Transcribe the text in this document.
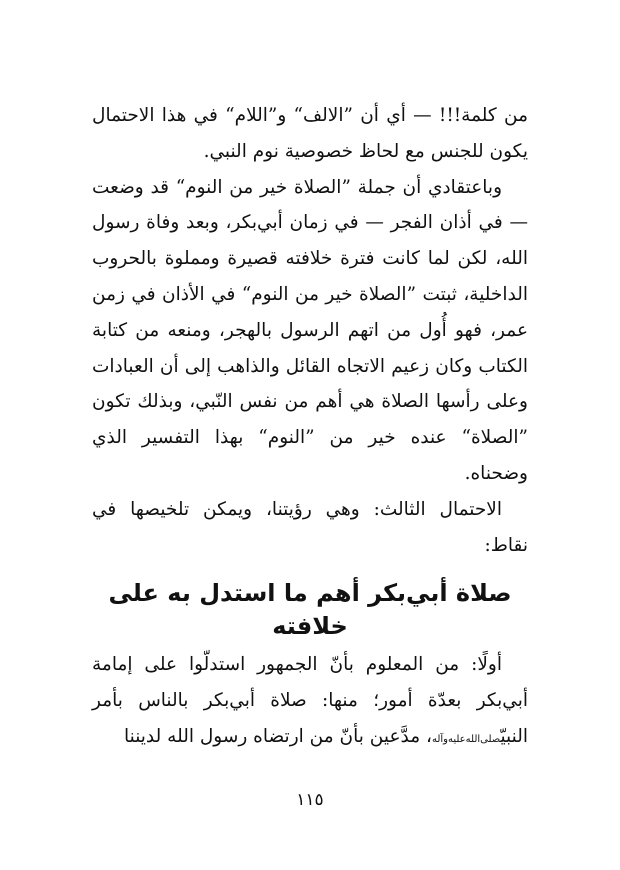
من كلمة!!! — أي أن ”الالف“ و”اللام“ في هذا الاحتمال يكون للجنس مع لحاظ خصوصية نوم النبي.

وباعتقادي أن جملة ”الصلاة خير من النوم“ قد وضعت — في أذان الفجر — في زمان أبي‌بكر، وبعد وفاة رسول الله، لكن لما كانت فترة خلافته قصيرة ومملوة بالحروب الداخلية، ثبتت ”الصلاة خير من النوم“ في الأذان في زمن عمر، فهو أُول من اتهم الرسول بالهجر، ومنعه من كتابة الكتاب وكان زعيم الاتجاه القائل والذاهب إلى أن العبادات وعلى رأسها الصلاة هي أهم من نفس النّبي، وبذلك تكون ”الصلاة“ عنده خير من ”النوم“ بهذا التفسير الذي وضحناه.

الاحتمال الثالث: وهي رؤيتنا، ويمكن تلخيصها في نقاط:

صلاة أبي‌بكر أهم ما استدل به على خلافته

أولًا: من المعلوم بأنّ الجمهور استدلّوا على إمامة أبي‌بكر بعدّة أمور؛ منها: صلاة أبي‌بكر بالناس بأمر النبيّصلی‌الله‌علیه‌وآله، مدَّعين بأنّ من ارتضاه رسول الله لديننا

١١٥
